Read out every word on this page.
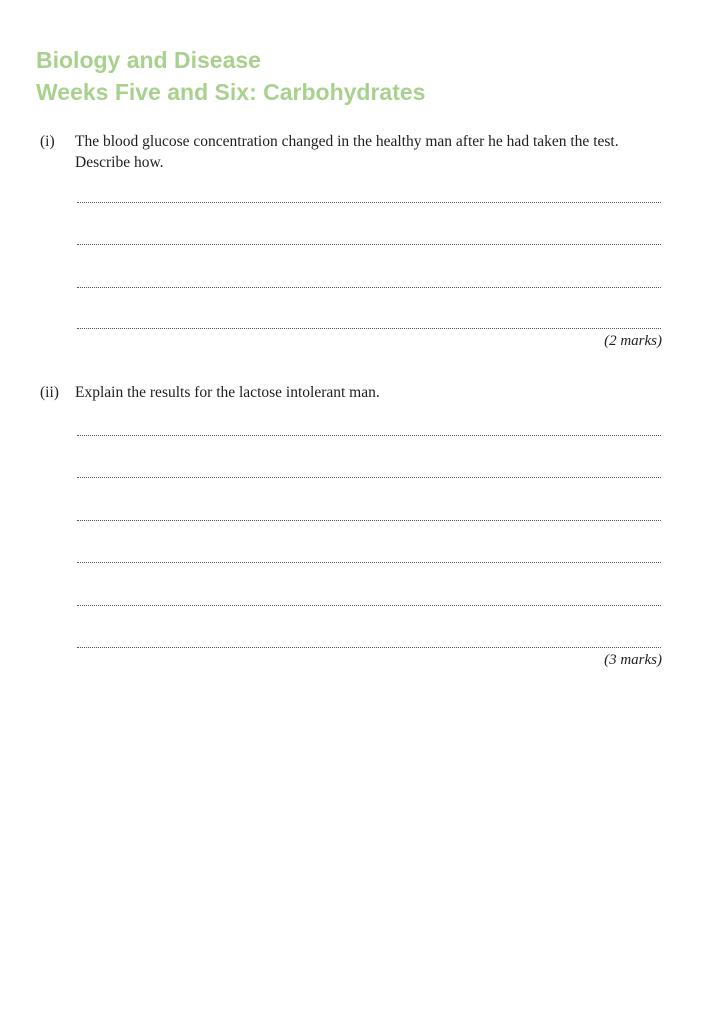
Biology and Disease
Weeks Five and Six: Carbohydrates
(i)	The blood glucose concentration changed in the healthy man after he had taken the test. Describe how.
(2 marks)
(ii)	Explain the results for the lactose intolerant man.
(3 marks)
